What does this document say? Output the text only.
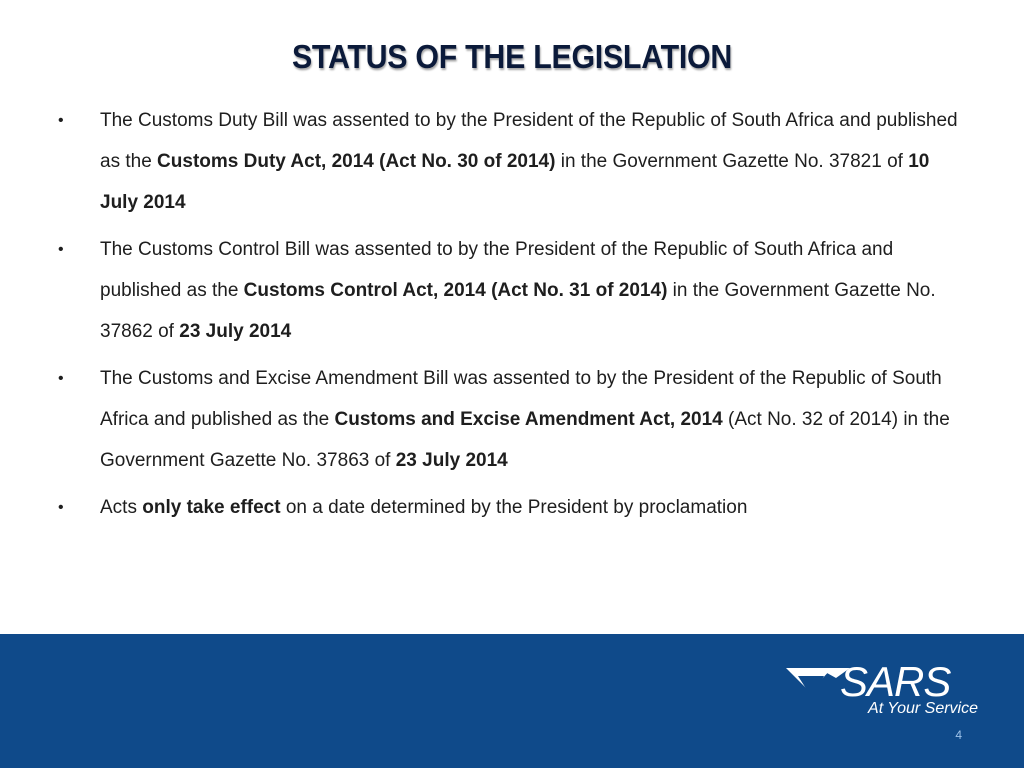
STATUS OF THE LEGISLATION
• The Customs Duty Bill was assented to by the President of the Republic of South Africa and published as the Customs Duty Act, 2014 (Act No. 30 of 2014) in the Government Gazette No. 37821 of 10 July 2014
• The Customs Control Bill was assented to by the President of the Republic of South Africa and published as the Customs Control Act, 2014 (Act No. 31 of 2014) in the Government Gazette No. 37862 of 23 July 2014
• The Customs and Excise Amendment Bill was assented to by the President of the Republic of South Africa and published as the Customs and Excise Amendment Act, 2014 (Act No. 32 of 2014) in the Government Gazette No. 37863 of 23 July 2014
• Acts only take effect on a date determined by the President by proclamation
SARS
At Your Service
4
